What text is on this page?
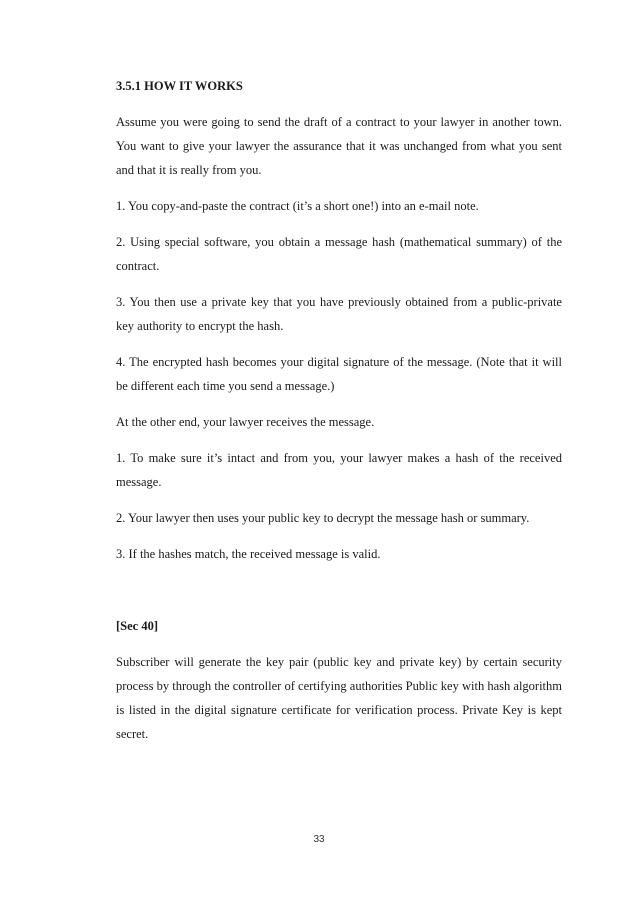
3.5.1 HOW IT WORKS

Assume you were going to send the draft of a contract to your lawyer in another town. You want to give your lawyer the assurance that it was unchanged from what you sent and that it is really from you.

1. You copy-and-paste the contract (it’s a short one!) into an e-mail note.

2. Using special software, you obtain a message hash (mathematical summary) of the contract.

3. You then use a private key that you have previously obtained from a public-private key authority to encrypt the hash.

4. The encrypted hash becomes your digital signature of the message. (Note that it will be different each time you send a message.)

At the other end, your lawyer receives the message.

1. To make sure it’s intact and from you, your lawyer makes a hash of the received message.

2. Your lawyer then uses your public key to decrypt the message hash or summary.

3. If the hashes match, the received message is valid.

[Sec 40]

Subscriber will generate the key pair (public key and private key) by certain security process by through the controller of certifying authorities Public key with hash algorithm is listed in the digital signature certificate for verification process. Private Key is kept secret.

33
